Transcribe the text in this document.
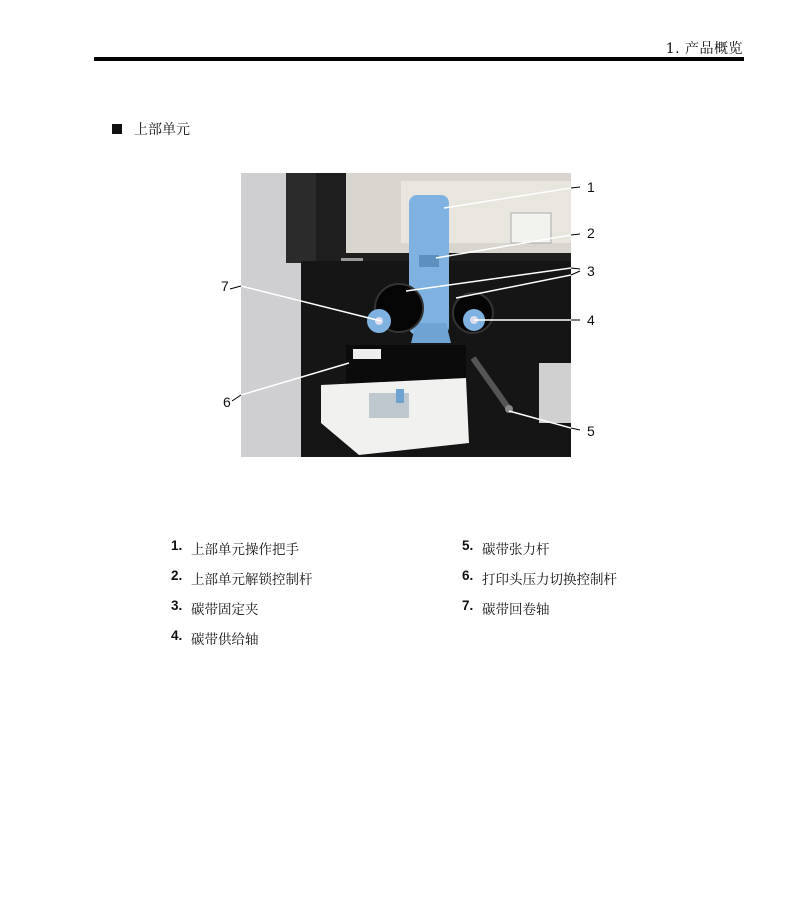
1. 产品概览
上部单元
1
2
3
4
5
6
7
1. 上部单元操作把手
2. 上部单元解锁控制杆
3. 碳带固定夹
4. 碳带供给轴
5. 碳带张力杆
6. 打印头压力切换控制杆
7. 碳带回卷轴
